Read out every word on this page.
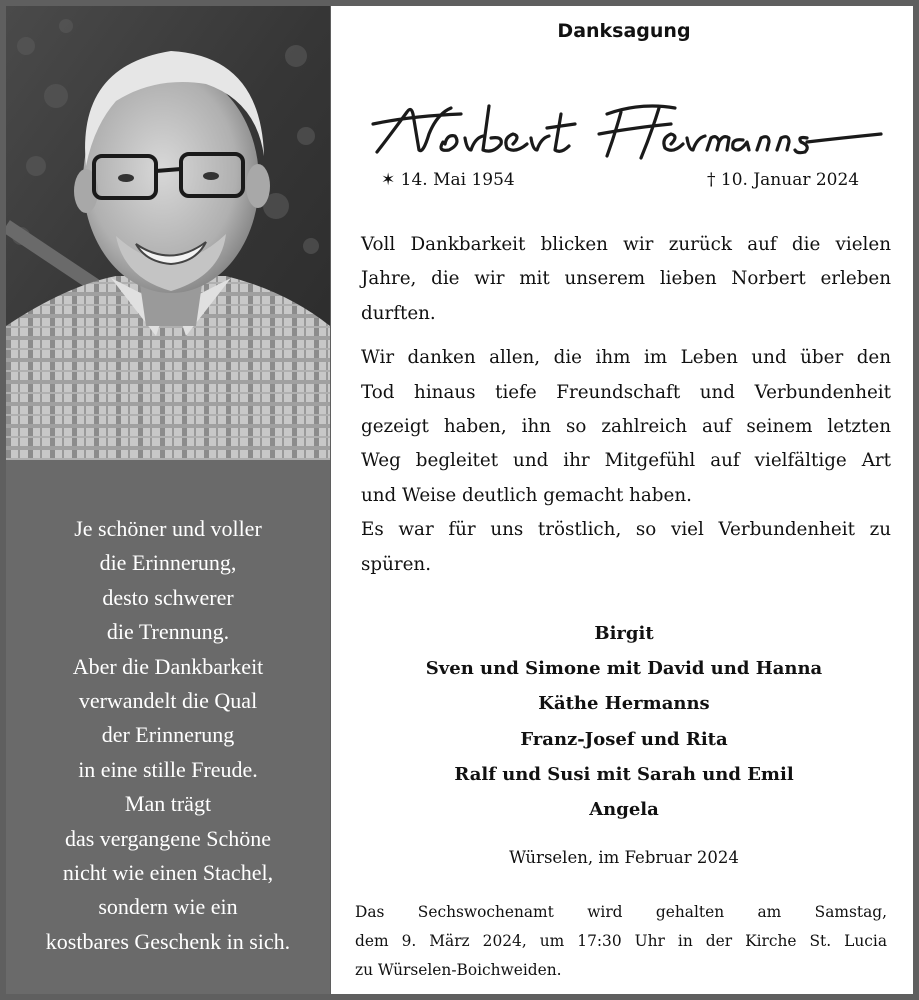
Je schöner und voller
die Erinnerung,
desto schwerer
die Trennung.
Aber die Dankbarkeit
verwandelt die Qual
der Erinnerung
in eine stille Freude.
Man trägt
das vergangene Schöne
nicht wie einen Stachel,
sondern wie ein
kostbares Geschenk in sich.
Danksagung
✶ 14. Mai 1954	† 10. Januar 2024

Voll Dankbarkeit blicken wir zurück auf die vielen
Jahre, die wir mit unserem lieben Norbert erleben
durften.

Wir danken allen, die ihm im Leben und über den
Tod hinaus tiefe Freundschaft und Verbundenheit
gezeigt haben, ihn so zahlreich auf seinem letzten
Weg begleitet und ihr Mitgefühl auf vielfältige Art
und Weise deutlich gemacht haben.
Es war für uns tröstlich, so viel Verbundenheit zu
spüren.

Birgit
Sven und Simone mit David und Hanna
Käthe Hermanns
Franz-Josef und Rita
Ralf und Susi mit Sarah und Emil
Angela
Würselen, im Februar 2024
Das Sechswochenamt wird gehalten am Samstag,
dem 9. März 2024, um 17:30 Uhr in der Kirche St. Lucia
zu Würselen-Boichweiden.
